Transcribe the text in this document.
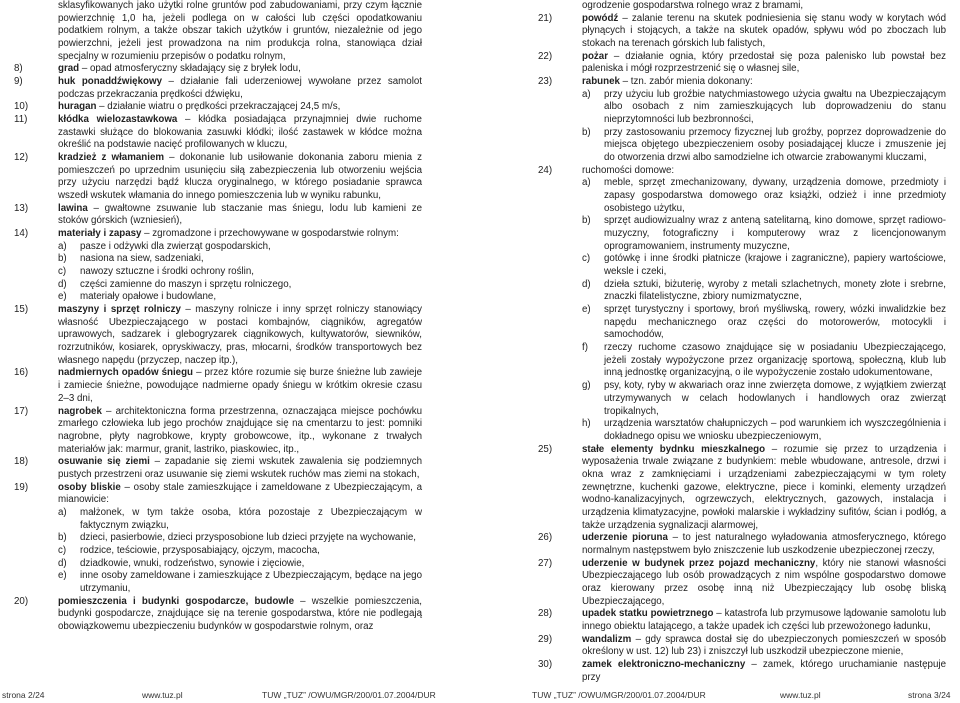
sklasyfikowanych jako użytki rolne gruntów pod zabudowaniami, przy czym łącznie powierzchnię 1,0 ha, jeżeli podlega on w całości lub części opodatkowaniu podatkiem rolnym, a także obszar takich użytków i gruntów, niezależnie od jego powierzchni, jeżeli jest prowadzona na nim produkcja rolna, stanowiąca dział specjalny w rozumieniu przepisów o podatku rolnym,
8)	grad – opad atmosferyczny składający się z bryłek lodu,
9)	huk ponaddźwiękowy – działanie fali uderzeniowej wywołane przez samolot podczas przekraczania prędkości dźwięku,
10)	huragan – działanie wiatru o prędkości przekraczającej 24,5 m/s,
11)	kłódka wielozastawkowa – kłódka posiadająca przynajmniej dwie ruchome zastawki służące do blokowania zasuwki kłódki; ilość zastawek w kłódce można określić na podstawie nacięć profilowanych w kluczu,
12)	kradzież z włamaniem – dokonanie lub usiłowanie dokonania zaboru mienia z pomieszczeń po uprzednim usunięciu siłą zabezpieczenia lub otworzeniu wejścia przy użyciu narzędzi bądź klucza oryginalnego, w którego posiadanie sprawca wszedł wskutek włamania do innego pomieszczenia lub w wyniku rabunku,
13)	lawina – gwałtowne zsuwanie lub staczanie mas śniegu, lodu lub kamieni ze stoków górskich (wzniesień),
14)	materiały i zapasy – zgromadzone i przechowywane w gospodarstwie rolnym:
a) pasze i odżywki dla zwierząt gospodarskich,
b) nasiona na siew, sadzeniaki,
c) nawozy sztuczne i środki ochrony roślin,
d) części zamienne do maszyn i sprzętu rolniczego,
e) materiały opałowe i budowlane,
15)	maszyny i sprzęt rolniczy – maszyny rolnicze i inny sprzęt rolniczy stanowiący własność Ubezpieczającego w postaci kombajnów, ciągników, agregatów uprawowych, sadzarek i glebogryzarek ciągnikowych, kultywatorów, siewników, rozrzutników, kosiarek, opryskiwaczy, pras, młocarni, środków transportowych bez własnego napędu (przyczep, naczep itp.),
16)	nadmiernych opadów śniegu – przez które rozumie się burze śnieżne lub zawieje i zamiecie śnieżne, powodujące nadmierne opady śniegu w krótkim okresie czasu 2–3 dni,
17)	nagrobek – architektoniczna forma przestrzenna, oznaczająca miejsce pochówku zmarłego człowieka lub jego prochów znajdujące się na cmentarzu to jest: pomniki nagrobne, płyty nagrobkowe, krypty grobowcowe, itp., wykonane z trwałych materiałów jak: marmur, granit, lastriko, piaskowiec, itp.,
18)	osuwanie się ziemi – zapadanie się ziemi wskutek zawalenia się podziemnych pustych przestrzeni oraz usuwanie się ziemi wskutek ruchów mas ziemi na stokach,
19)	osoby bliskie – osoby stale zamieszkujące i zameldowane z Ubezpieczającym, a mianowicie:
a) małżonek, w tym także osoba, która pozostaje z Ubezpieczającym w faktycznym związku,
b) dzieci, pasierbowie, dzieci przysposobione lub dzieci przyjęte na wychowanie,
c) rodzice, teściowie, przysposabiający, ojczym, macocha,
d) dziadkowie, wnuki, rodzeństwo, synowie i zięciowie,
e) inne osoby zameldowane i zamieszkujące z Ubezpieczającym, będące na jego utrzymaniu,
20)	pomieszczenia i budynki gospodarcze, budowle – wszelkie pomieszczenia, budynki gospodarcze, znajdujące się na terenie gospodarstwa, które nie podlegają obowiązkowemu ubezpieczeniu budynków w gospodarstwie rolnym, oraz
ogrodzenie gospodarstwa rolnego wraz z bramami,
21)	powódź – zalanie terenu na skutek podniesienia się stanu wody w korytach wód płynących i stojących, a także na skutek opadów, spływu wód po zboczach lub stokach na terenach górskich lub falistych,
22)	pożar – działanie ognia, który przedostał się poza palenisko lub powstał bez paleniska i mógł rozprzestrzenić się o własnej sile,
23)	rabunek – tzn. zabór mienia dokonany:
a) przy użyciu lub groźbie natychmiastowego użycia gwałtu na Ubezpieczającym albo osobach z nim zamieszkujących lub doprowadzeniu do stanu nieprzytomności lub bezbronności,
b) przy zastosowaniu przemocy fizycznej lub groźby, poprzez doprowadzenie do miejsca objętego ubezpieczeniem osoby posiadającej klucze i zmuszenie jej do otworzenia drzwi albo samodzielne ich otwarcie zrabowanymi kluczami,
24)	ruchomości domowe:
a) meble, sprzęt zmechanizowany, dywany, urządzenia domowe, przedmioty i zapasy gospodarstwa domowego oraz książki, odzież i inne przedmioty osobistego użytku,
b) sprzęt audiowizualny wraz z anteną satelitarną, kino domowe, sprzęt radiowo-muzyczny, fotograficzny i komputerowy wraz z licencjonowanym oprogramowaniem, instrumenty muzyczne,
c) gotówkę i inne środki płatnicze (krajowe i zagraniczne), papiery wartościowe, weksle i czeki,
d) dzieła sztuki, biżuterię, wyroby z metali szlachetnych, monety złote i srebrne, znaczki filatelistyczne, zbiory numizmatyczne,
e) sprzęt turystyczny i sportowy, broń myśliwską, rowery, wózki inwalidzkie bez napędu mechanicznego oraz części do motorowerów, motocykli i samochodów,
f) rzeczy ruchome czasowo znajdujące się w posiadaniu Ubezpieczającego, jeżeli zostały wypożyczone przez organizację sportową, społeczną, klub lub inną jednostkę organizacyjną, o ile wypożyczenie zostało udokumentowane,
g) psy, koty, ryby w akwariach oraz inne zwierzęta domowe, z wyjątkiem zwierząt utrzymywanych w celach hodowlanych i handlowych oraz zwierząt tropikalnych,
h) urządzenia warsztatów chałupniczych – pod warunkiem ich wyszczególnienia i dokładnego opisu we wniosku ubezpieczeniowym,
25)	stałe elementy bydnku mieszkalnego – rozumie się przez to urządzenia i wyposażenia trwale związane z budynkiem: meble wbudowane, antresole, drzwi i okna wraz z zamknięciami i urządzeniami zabezpieczającymi w tym rolety zewnętrzne, kuchenki gazowe, elektryczne, piece i kominki, elementy urządzeń wodno-kanalizacyjnych, ogrzewczych, elektrycznych, gazowych, instalacja i urządzenia klimatyzacyjne, powłoki malarskie i wykładziny sufitów, ścian i podłóg, a także urządzenia sygnalizacji alarmowej,
26)	uderzenie pioruna – to jest naturalnego wyładowania atmosferycznego, którego normalnym następstwem było zniszczenie lub uszkodzenie ubezpieczonej rzeczy,
27)	uderzenie w budynek przez pojazd mechaniczny, który nie stanowi własności Ubezpieczającego lub osób prowadzących z nim wspólne gospodarstwo domowe oraz kierowany przez osobę inną niż Ubezpieczający lub osobę bliską Ubezpieczającego,
28)	upadek statku powietrznego – katastrofa lub przymusowe lądowanie samolotu lub innego obiektu latającego, a także upadek ich części lub przewożonego ładunku,
29)	wandalizm – gdy sprawca dostał się do ubezpieczonych pomieszczeń w sposób określony w ust. 12) lub 23) i zniszczył lub uszkodził ubezpieczone mienie,
30)	zamek elektroniczno-mechaniczny – zamek, którego uruchamianie następuje przy
strona 2/24	www.tuz.pl	TUW „TUZ” /OWU/MGR/200/01.07.2004/DUR	TUW „TUZ” /OWU/MGR/200/01.07.2004/DUR	www.tuz.pl	strona 3/24
